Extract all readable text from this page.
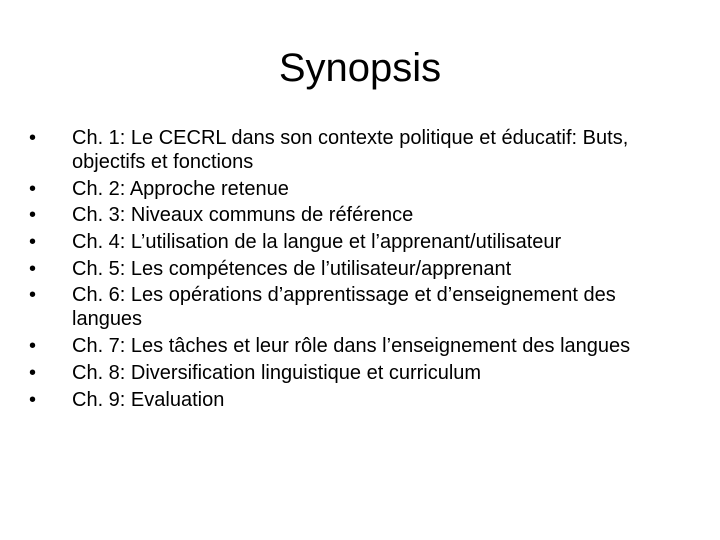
Synopsis
• Ch. 1: Le CECRL dans son contexte politique et éducatif: Buts, objectifs et fonctions
• Ch. 2: Approche retenue
• Ch. 3: Niveaux communs de référence
• Ch. 4: L’utilisation de la langue et l’apprenant/utilisateur
• Ch. 5: Les compétences de l’utilisateur/apprenant
• Ch. 6: Les opérations d’apprentissage et d’enseignement des langues
• Ch. 7: Les tâches et leur rôle dans l’enseignement des langues
• Ch. 8: Diversification linguistique et curriculum
• Ch. 9: Evaluation
